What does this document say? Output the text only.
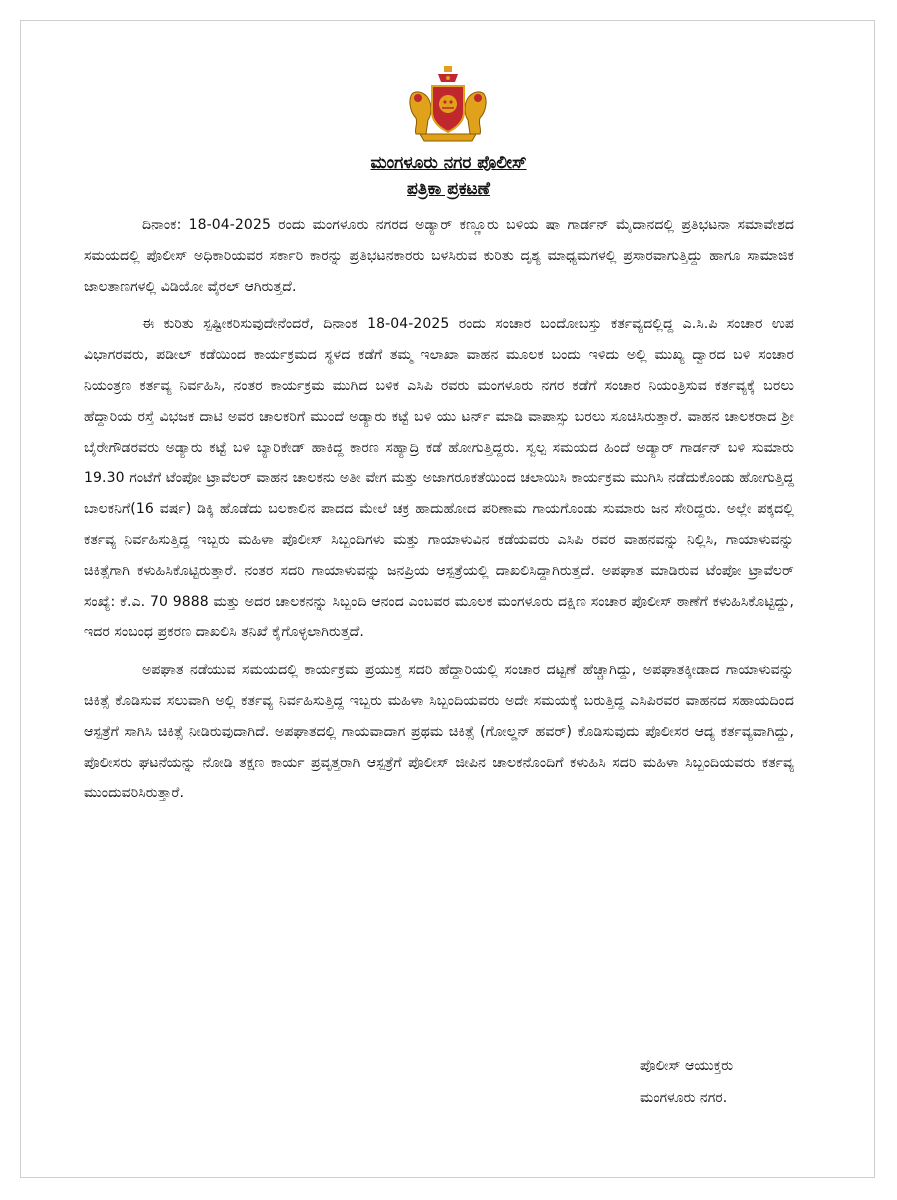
ಮಂಗಳೂರು ನಗರ ಪೊಲೀಸ್
ಪತ್ರಿಕಾ ಪ್ರಕಟಣೆ

ದಿನಾಂಕ: 18-04-2025 ರಂದು ಮಂಗಳೂರು ನಗರದ ಅಡ್ಯಾರ್ ಕಣ್ಣೂರು ಬಳಿಯ ಷಾ ಗಾರ್ಡನ್ ಮೈದಾನದಲ್ಲಿ ಪ್ರತಿಭಟನಾ ಸಮಾವೇಶದ ಸಮಯದಲ್ಲಿ ಪೊಲೀಸ್ ಅಧಿಕಾರಿಯವರ ಸರ್ಕಾರಿ ಕಾರನ್ನು ಪ್ರತಿಭಟನಕಾರರು ಬಳಸಿರುವ ಕುರಿತು ದೃಶ್ಯ ಮಾಧ್ಯಮಗಳಲ್ಲಿ ಪ್ರಸಾರವಾಗುತ್ತಿದ್ದು ಹಾಗೂ ಸಾಮಾಜಿಕ ಜಾಲತಾಣಗಳಲ್ಲಿ ವಿಡಿಯೋ ವೈರಲ್ ಆಗಿರುತ್ತದೆ.

ಈ ಕುರಿತು ಸ್ಪಷ್ಟೀಕರಿಸುವುದೇನೆಂದರೆ, ದಿನಾಂಕ 18-04-2025 ರಂದು ಸಂಚಾರ ಬಂದೋಬಸ್ತು ಕರ್ತವ್ಯದಲ್ಲಿದ್ದ ಎ.ಸಿ.ಪಿ ಸಂಚಾರ ಉಪ ವಿಭಾಗರವರು, ಪಡೀಲ್ ಕಡೆಯಿಂದ ಕಾರ್ಯಕ್ರಮದ ಸ್ಥಳದ ಕಡೆಗೆ ತಮ್ಮ ಇಲಾಖಾ ವಾಹನ ಮೂಲಕ ಬಂದು ಇಳಿದು ಅಲ್ಲಿ ಮುಖ್ಯ ದ್ವಾರದ ಬಳಿ ಸಂಚಾರ ನಿಯಂತ್ರಣ ಕರ್ತವ್ಯ ನಿರ್ವಹಿಸಿ, ನಂತರ ಕಾರ್ಯಕ್ರಮ ಮುಗಿದ ಬಳಿಕ ಎಸಿಪಿ ರವರು ಮಂಗಳೂರು ನಗರ ಕಡೆಗೆ ಸಂಚಾರ ನಿಯಂತ್ರಿಸುವ ಕರ್ತವ್ಯಕ್ಕೆ ಬರಲು ಹೆದ್ದಾರಿಯ ರಸ್ತೆ ವಿಭಜಕ ದಾಟಿ ಅವರ ಚಾಲಕರಿಗೆ ಮುಂದೆ ಅಡ್ಯಾರು ಕಟ್ಟೆ ಬಳಿ ಯು ಟರ್ನ್ ಮಾಡಿ ವಾಪಾಸ್ಸು ಬರಲು ಸೂಚಿಸಿರುತ್ತಾರೆ. ವಾಹನ ಚಾಲಕರಾದ ಶ್ರೀ ಬೈರೇಗೌಡರವರು ಅಡ್ಯಾರು ಕಟ್ಟೆ ಬಳಿ ಬ್ಯಾರಿಕೇಡ್ ಹಾಕಿದ್ದ ಕಾರಣ ಸಹ್ಯಾದ್ರಿ ಕಡೆ ಹೋಗುತ್ತಿದ್ದರು. ಸ್ವಲ್ಪ ಸಮಯದ ಹಿಂದೆ ಅಡ್ಯಾರ್ ಗಾರ್ಡನ್ ಬಳಿ ಸುಮಾರು 19.30 ಗಂಟೆಗೆ ಟೆಂಪೋ ಟ್ರಾವೆಲರ್ ವಾಹನ ಚಾಲಕನು ಅತೀ ವೇಗ ಮತ್ತು ಅಜಾಗರೂಕತೆಯಿಂದ ಚಲಾಯಿಸಿ ಕಾರ್ಯಕ್ರಮ ಮುಗಿಸಿ ನಡೆದುಕೊಂಡು ಹೋಗುತ್ತಿದ್ದ ಬಾಲಕನಿಗೆ(16 ವರ್ಷ) ಡಿಕ್ಕಿ ಹೊಡೆದು ಬಲಕಾಲಿನ ಪಾದದ ಮೇಲೆ ಚಕ್ರ ಹಾದುಹೋದ ಪರಿಣಾಮ ಗಾಯಗೊಂಡು ಸುಮಾರು ಜನ ಸೇರಿದ್ದರು. ಅಲ್ಲೇ ಪಕ್ಕದಲ್ಲಿ ಕರ್ತವ್ಯ ನಿರ್ವಹಿಸುತ್ತಿದ್ದ ಇಬ್ಬರು ಮಹಿಳಾ ಪೊಲೀಸ್ ಸಿಬ್ಬಂದಿಗಳು ಮತ್ತು ಗಾಯಾಳುವಿನ ಕಡೆಯವರು ಎಸಿಪಿ ರವರ ವಾಹನವನ್ನು ನಿಲ್ಲಿಸಿ, ಗಾಯಾಳುವನ್ನು ಚಿಕಿತ್ಸೆಗಾಗಿ ಕಳುಹಿಸಿಕೊಟ್ಟಿರುತ್ತಾರೆ. ನಂತರ ಸದರಿ ಗಾಯಾಳುವನ್ನು ಜನಪ್ರಿಯ ಆಸ್ಪತ್ರೆಯಲ್ಲಿ ದಾಖಲಿಸಿದ್ದಾಗಿರುತ್ತದೆ. ಅಪಘಾತ ಮಾಡಿರುವ ಟೆಂಪೋ ಟ್ರಾವೆಲರ್ ಸಂಖ್ಯೆ: ಕೆ.ಎ. 70 9888 ಮತ್ತು ಅದರ ಚಾಲಕನನ್ನು ಸಿಬ್ಬಂದಿ ಆನಂದ ಎಂಬವರ ಮೂಲಕ ಮಂಗಳೂರು ದಕ್ಷಿಣ ಸಂಚಾರ ಪೊಲೀಸ್ ಠಾಣೆಗೆ ಕಳುಹಿಸಿಕೊಟ್ಟಿದ್ದು, ಇದರ ಸಂಬಂಧ ಪ್ರಕರಣ ದಾಖಲಿಸಿ ತನಿಖೆ ಕೈಗೊಳ್ಳಲಾಗಿರುತ್ತದೆ.

ಅಪಘಾತ ನಡೆಯುವ ಸಮಯದಲ್ಲಿ ಕಾರ್ಯಕ್ರಮ ಪ್ರಯುಕ್ತ ಸದರಿ ಹೆದ್ದಾರಿಯಲ್ಲಿ ಸಂಚಾರ ದಟ್ಟಣೆ ಹೆಚ್ಚಾಗಿದ್ದು, ಅಪಘಾತಕ್ಕೀಡಾದ ಗಾಯಾಳುವನ್ನು ಚಿಕಿತ್ಸೆ ಕೊಡಿಸುವ ಸಲುವಾಗಿ ಅಲ್ಲಿ ಕರ್ತವ್ಯ ನಿರ್ವಹಿಸುತ್ತಿದ್ದ ಇಬ್ಬರು ಮಹಿಳಾ ಸಿಬ್ಬಂದಿಯವರು ಅದೇ ಸಮಯಕ್ಕೆ ಬರುತ್ತಿದ್ದ ಎಸಿಪಿರವರ ವಾಹನದ ಸಹಾಯದಿಂದ ಆಸ್ಪತ್ರೆಗೆ ಸಾಗಿಸಿ ಚಿಕಿತ್ಸೆ ನೀಡಿರುವುದಾಗಿದೆ. ಅಪಘಾತದಲ್ಲಿ ಗಾಯವಾದಾಗ ಪ್ರಥಮ ಚಿಕಿತ್ಸೆ (ಗೋಲ್ಡನ್ ಹವರ್) ಕೊಡಿಸುವುದು ಪೊಲೀಸರ ಆದ್ಯ ಕರ್ತವ್ಯವಾಗಿದ್ದು, ಪೊಲೀಸರು ಘಟನೆಯನ್ನು ನೋಡಿ ತಕ್ಷಣ ಕಾರ್ಯ ಪ್ರವೃತ್ತರಾಗಿ ಆಸ್ಪತ್ರೆಗೆ ಪೊಲೀಸ್ ಜೀಪಿನ ಚಾಲಕನೊಂದಿಗೆ ಕಳುಹಿಸಿ ಸದರಿ ಮಹಿಳಾ ಸಿಬ್ಬಂದಿಯವರು ಕರ್ತವ್ಯ ಮುಂದುವರಿಸಿರುತ್ತಾರೆ.

ಪೊಲೀಸ್ ಆಯುಕ್ತರು
ಮಂಗಳೂರು ನಗರ.
